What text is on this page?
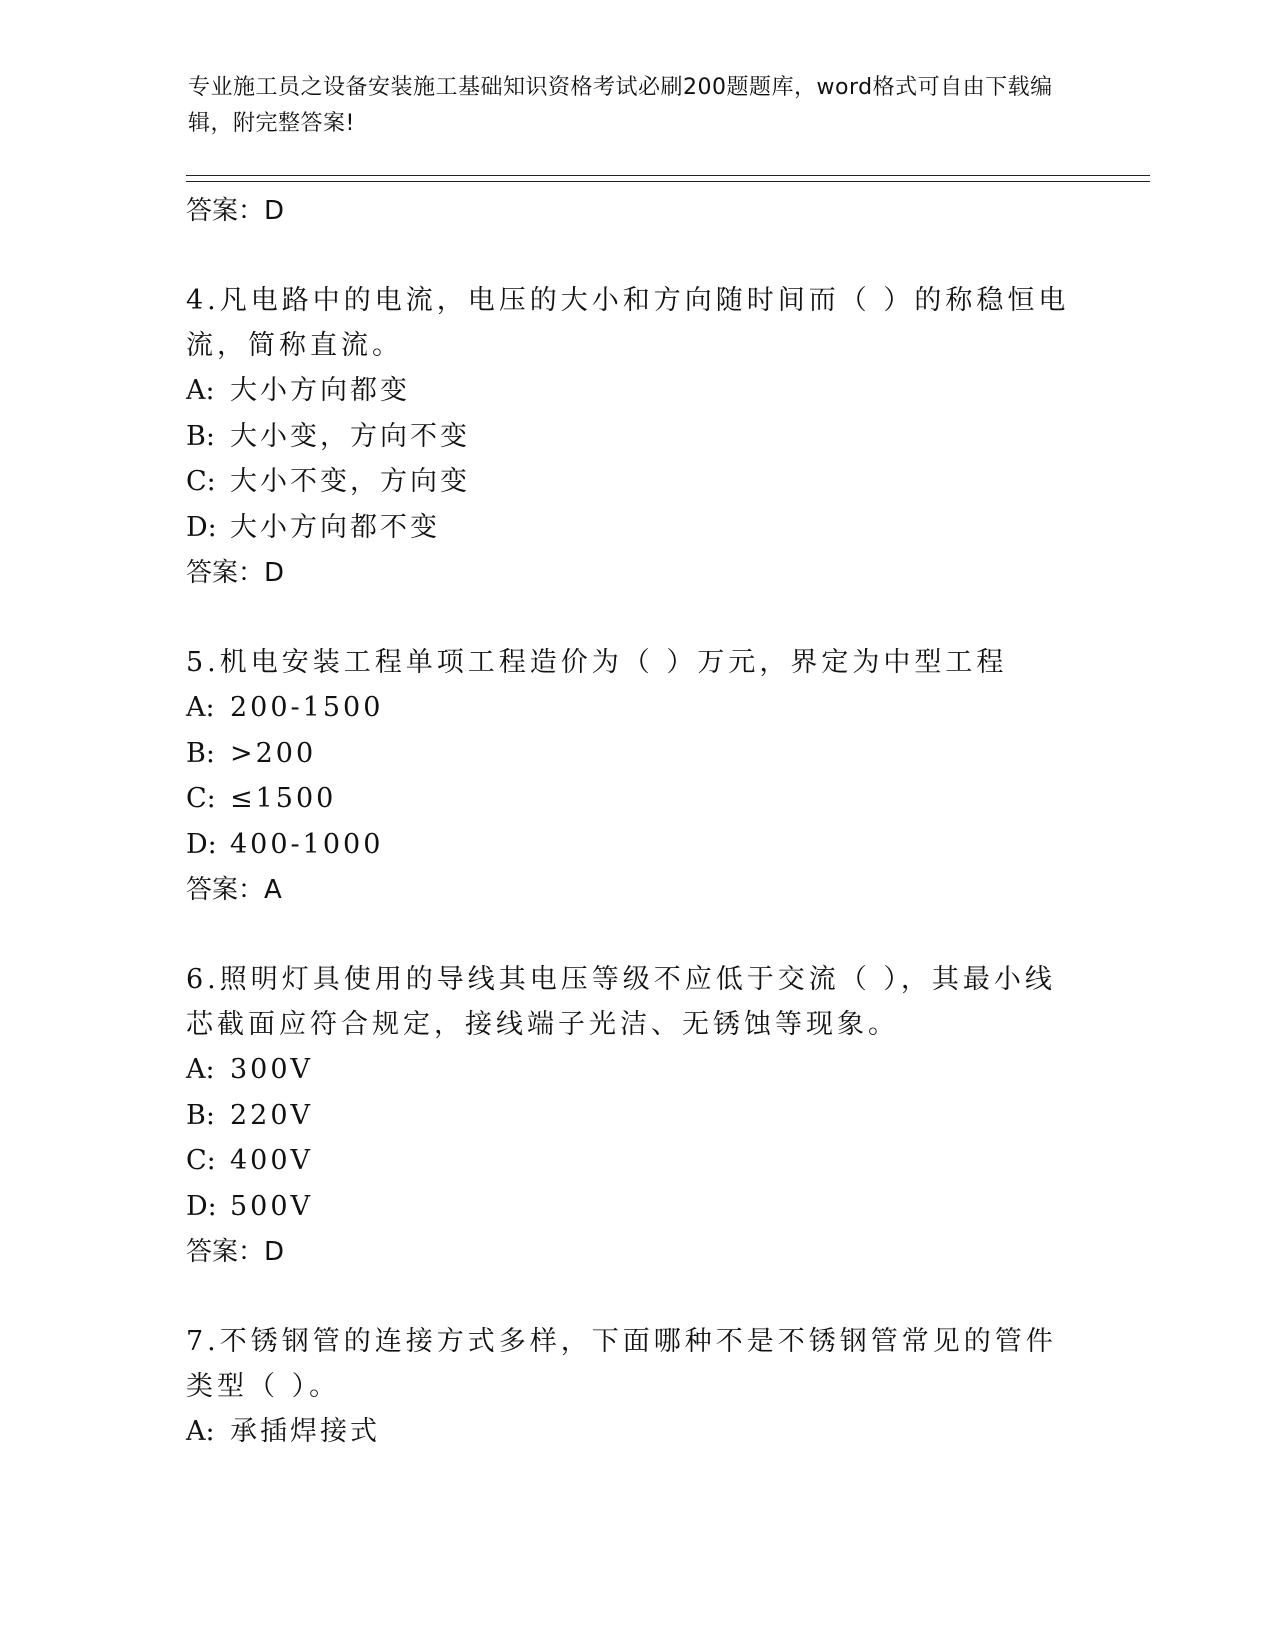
专业施工员之设备安装施工基础知识资格考试必刷200题题库，word格式可自由下载编辑，附完整答案!
答案：D
4.凡电路中的电流，电压的大小和方向随时间而（ ）的称稳恒电流，简称直流。
A: 大小方向都变
B: 大小变，方向不变
C: 大小不变，方向变
D: 大小方向都不变
答案：D
5.机电安装工程单项工程造价为（ ）万元，界定为中型工程
A: 200-1500
B: >200
C: ≤1500
D: 400-1000
答案：A
6.照明灯具使用的导线其电压等级不应低于交流（ ），其最小线芯截面应符合规定，接线端子光洁、无锈蚀等现象。
A: 300V
B: 220V
C: 400V
D: 500V
答案：D
7.不锈钢管的连接方式多样，下面哪种不是不锈钢管常见的管件类型（ ）。
A: 承插焊接式
